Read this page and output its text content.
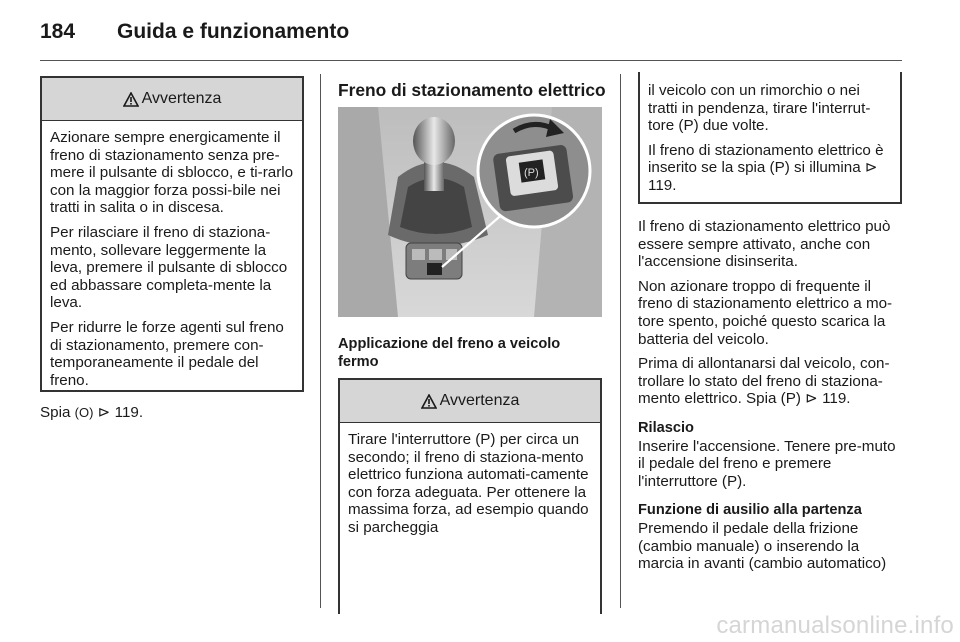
184 Guida e funzionamento
Avvertenza

Azionare sempre energicamente il freno di stazionamento senza pre-mere il pulsante di sblocco, e ti-rarlo con la maggior forza possi-bile nei tratti in salita o in discesa.

Per rilasciare il freno di staziona-mento, sollevare leggermente la leva, premere il pulsante di sblocco ed abbassare completa-mente la leva.

Per ridurre le forze agenti sul freno di stazionamento, premere con-temporaneamente il pedale del freno.

Spia (O) ⊳ 119.

Freno di stazionamento elettrico

(P)

Applicazione del freno a veicolo fermo

Avvertenza

Tirare l'interruttore (P) per circa un secondo; il freno di staziona-mento elettrico funziona automati-camente con forza adeguata. Per ottenere la massima forza, ad esempio quando si parcheggia

il veicolo con un rimorchio o nei tratti in pendenza, tirare l'interrut-tore (P) due volte.

Il freno di stazionamento elettrico è inserito se la spia (P) si illumina ⊳ 119.

Il freno di stazionamento elettrico può essere sempre attivato, anche con l'accensione disinserita.

Non azionare troppo di frequente il freno di stazionamento elettrico a mo-tore spento, poiché questo scarica la batteria del veicolo.

Prima di allontanarsi dal veicolo, con-trollare lo stato del freno di staziona-mento elettrico. Spia (P) ⊳ 119.

Rilascio

Inserire l'accensione. Tenere pre-muto il pedale del freno e premere l'interruttore (P).

Funzione di ausilio alla partenza

Premendo il pedale della frizione (cambio manuale) o inserendo la marcia in avanti (cambio automatico)

carmanualsonline.info
